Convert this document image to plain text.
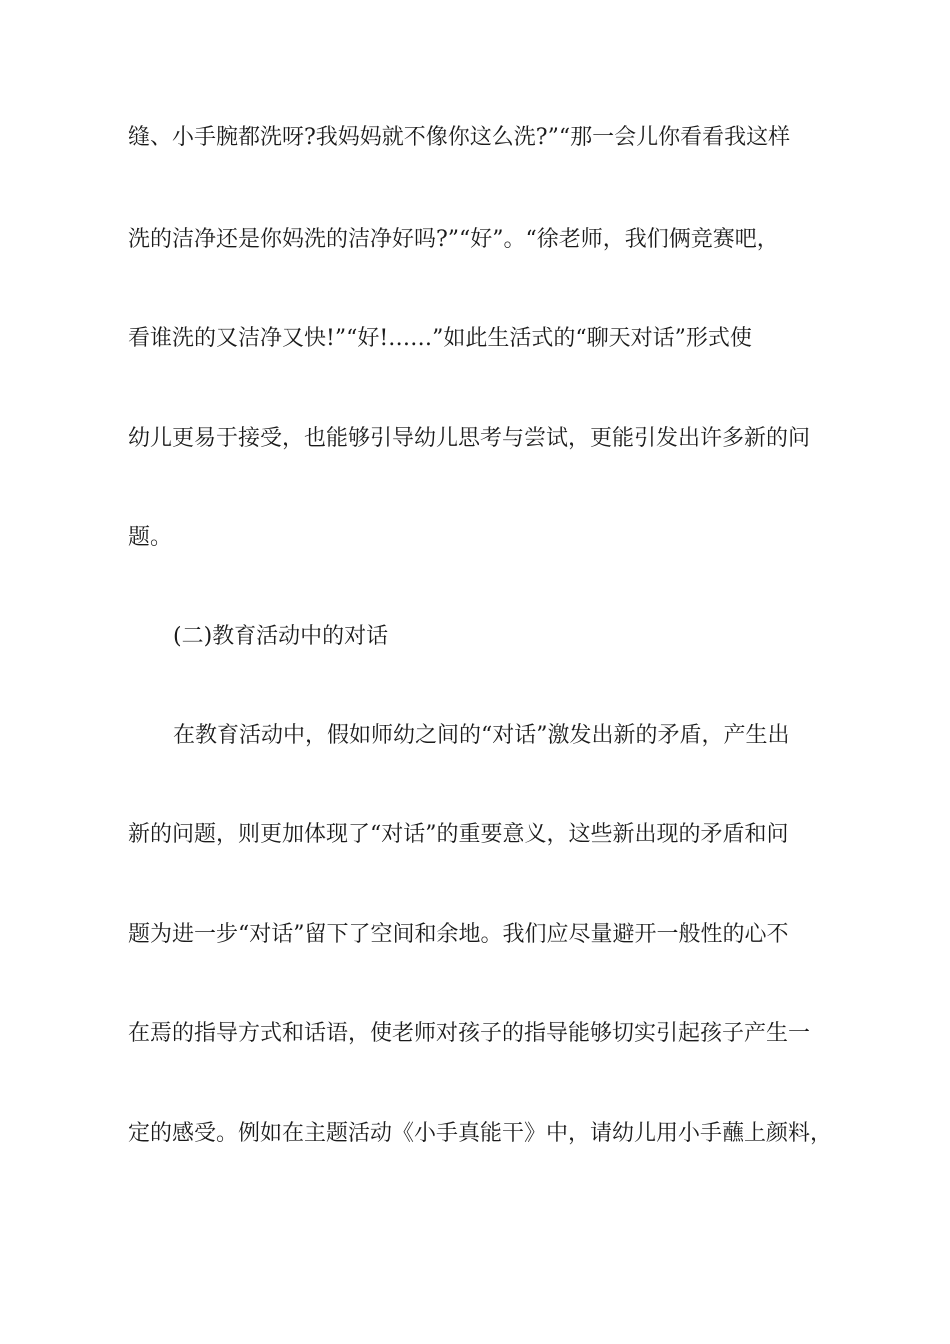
缝、小手腕都洗呀?我妈妈就不像你这么洗?”“那一会儿你看看我这样
洗的洁净还是你妈洗的洁净好吗?”“好”。“徐老师，我们俩竞赛吧，
看谁洗的又洁净又快!”“好!……”如此生活式的“聊天对话”形式使
幼儿更易于接受，也能够引导幼儿思考与尝试，更能引发出许多新的问
题。
(二)教育活动中的对话
在教育活动中，假如师幼之间的“对话”激发出新的矛盾，产生出
新的问题，则更加体现了“对话”的重要意义，这些新出现的矛盾和问
题为进一步“对话”留下了空间和余地。我们应尽量避开一般性的心不
在焉的指导方式和话语，使老师对孩子的指导能够切实引起孩子产生一
定的感受。例如在主题活动《小手真能干》中，请幼儿用小手蘸上颜料，
